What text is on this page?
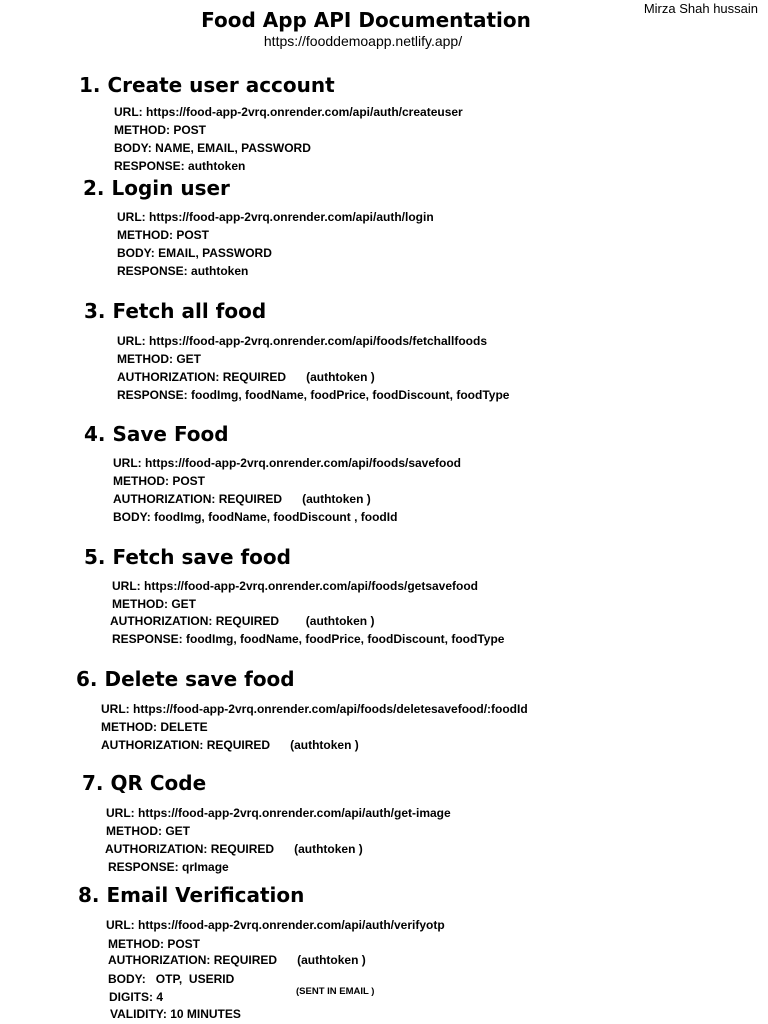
Food App API Documentation
https://fooddemoapp.netlify.app/
Mirza Shah hussain
1. Create user account
URL: https://food-app-2vrq.onrender.com/api/auth/createuser
METHOD: POST
BODY: NAME, EMAIL, PASSWORD
RESPONSE: authtoken
2. Login user
URL: https://food-app-2vrq.onrender.com/api/auth/login
METHOD: POST
BODY: EMAIL, PASSWORD
RESPONSE: authtoken
3. Fetch all food
URL: https://food-app-2vrq.onrender.com/api/foods/fetchallfoods
METHOD: GET
AUTHORIZATION: REQUIRED      (authtoken )
RESPONSE: foodImg, foodName, foodPrice, foodDiscount, foodType
4. Save Food
URL: https://food-app-2vrq.onrender.com/api/foods/savefood
METHOD: POST
AUTHORIZATION: REQUIRED      (authtoken )
BODY: foodImg, foodName, foodDiscount , foodId
5. Fetch save food
URL: https://food-app-2vrq.onrender.com/api/foods/getsavefood
METHOD: GET
AUTHORIZATION: REQUIRED        (authtoken )
RESPONSE: foodImg, foodName, foodPrice, foodDiscount, foodType
6. Delete save food
URL: https://food-app-2vrq.onrender.com/api/foods/deletesavefood/:foodId
METHOD: DELETE
AUTHORIZATION: REQUIRED      (authtoken )
7. QR Code
URL: https://food-app-2vrq.onrender.com/api/auth/get-image
METHOD: GET
AUTHORIZATION: REQUIRED      (authtoken )
RESPONSE: qrImage
8. Email Verification
URL: https://food-app-2vrq.onrender.com/api/auth/verifyotp
METHOD: POST
AUTHORIZATION: REQUIRED      (authtoken )
BODY:   OTP,  USERID
DIGITS: 4
VALIDITY: 10 MINUTES
(SENT IN EMAIL )
